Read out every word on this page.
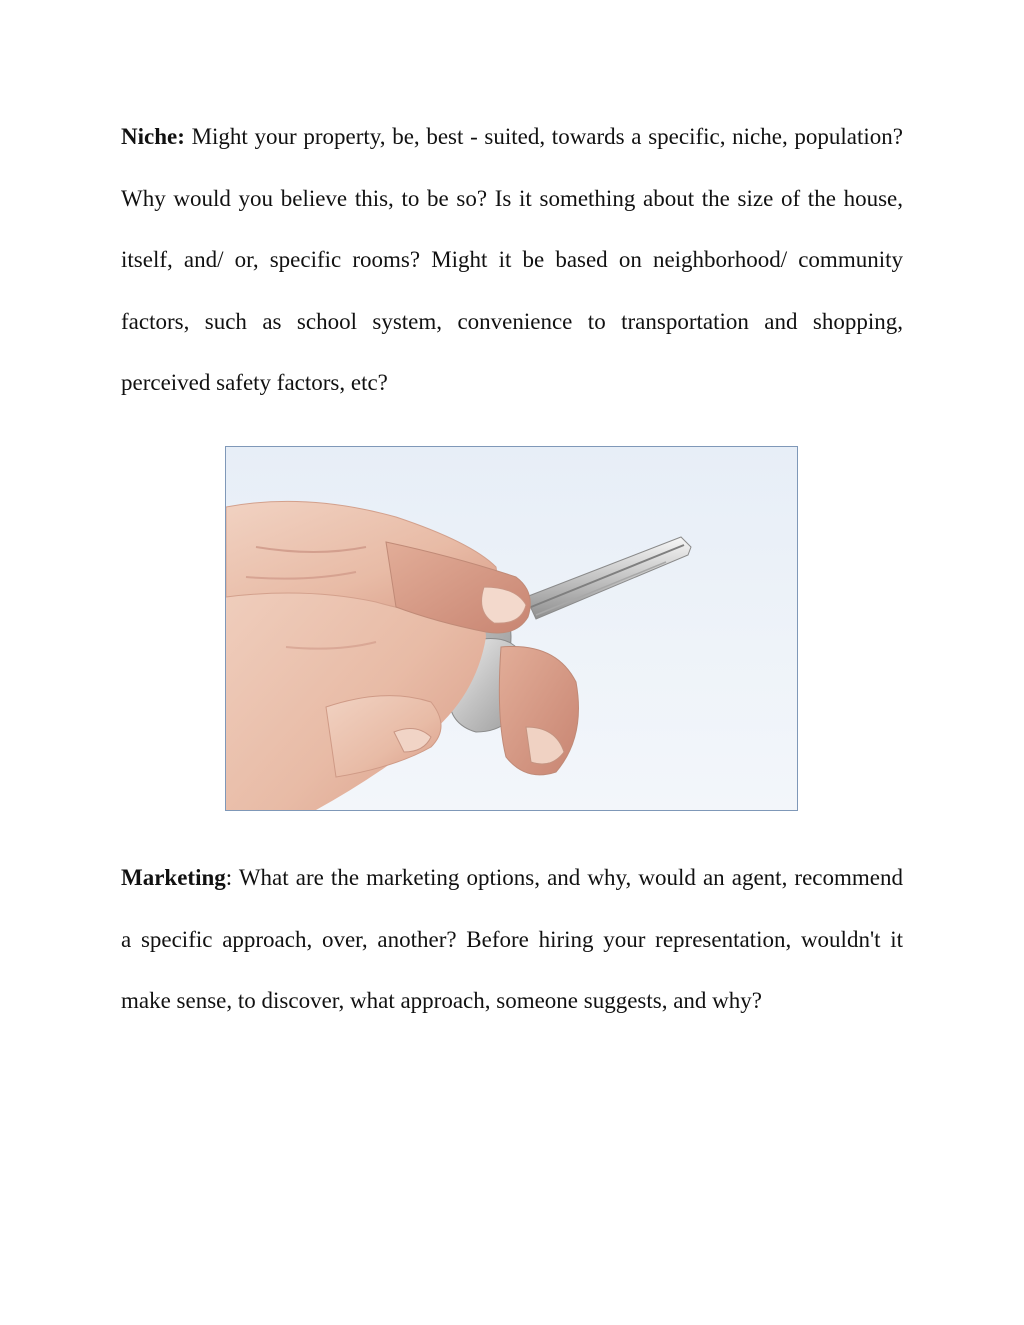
Niche: Might your property, be, best - suited, towards a specific, niche, population? Why would you believe this, to be so? Is it something about the size of the house, itself, and/ or, specific rooms? Might it be based on neighborhood/ community factors, such as school system, convenience to transportation and shopping, perceived safety factors, etc?

Marketing: What are the marketing options, and why, would an agent, recommend a specific approach, over, another? Before hiring your representation, wouldn't it make sense, to discover, what approach, someone suggests, and why?
